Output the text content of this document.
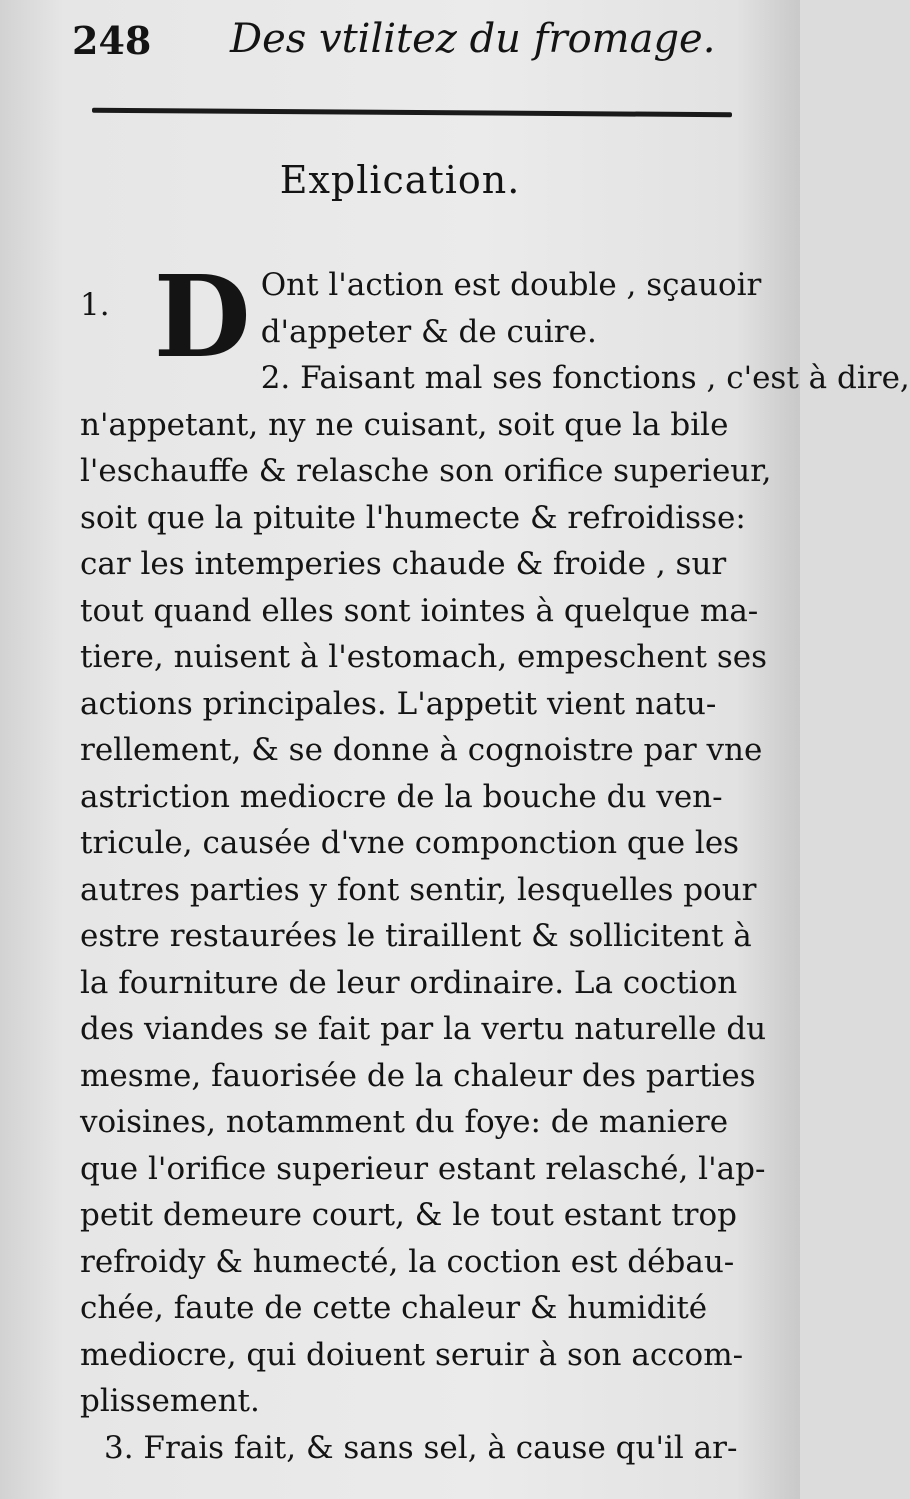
248 Des vtilitez du fromage.
Explication.
1. D Ont l'action est double , sçauoir
d'appeter & de cuire.
2. Faisant mal ses fonctions , c'est à dire,
n'appetant, ny ne cuisant, soit que la bile
l'eschauffe & relasche son orifice superieur,
soit que la pituite l'humecte & refroidisse:
car les intemperies chaude & froide , sur
tout quand elles sont iointes à quelque ma-
tiere, nuisent à l'estomach, empeschent ses
actions principales. L'appetit vient natu-
rellement, & se donne à cognoistre par vne
astriction mediocre de la bouche du ven-
tricule, causée d'vne componction que les
autres parties y font sentir, lesquelles pour
estre restaurées le tiraillent & sollicitent à
la fourniture de leur ordinaire. La coction
des viandes se fait par la vertu naturelle du
mesme, fauorisée de la chaleur des parties
voisines, notamment du foye: de maniere
que l'orifice superieur estant relasché, l'ap-
petit demeure court, & le tout estant trop
refroidy & humecté, la coction est débau-
chée, faute de cette chaleur & humidité
mediocre, qui doiuent seruir à son accom-
plissement.
3. Frais fait, & sans sel, à cause qu'il ar-
